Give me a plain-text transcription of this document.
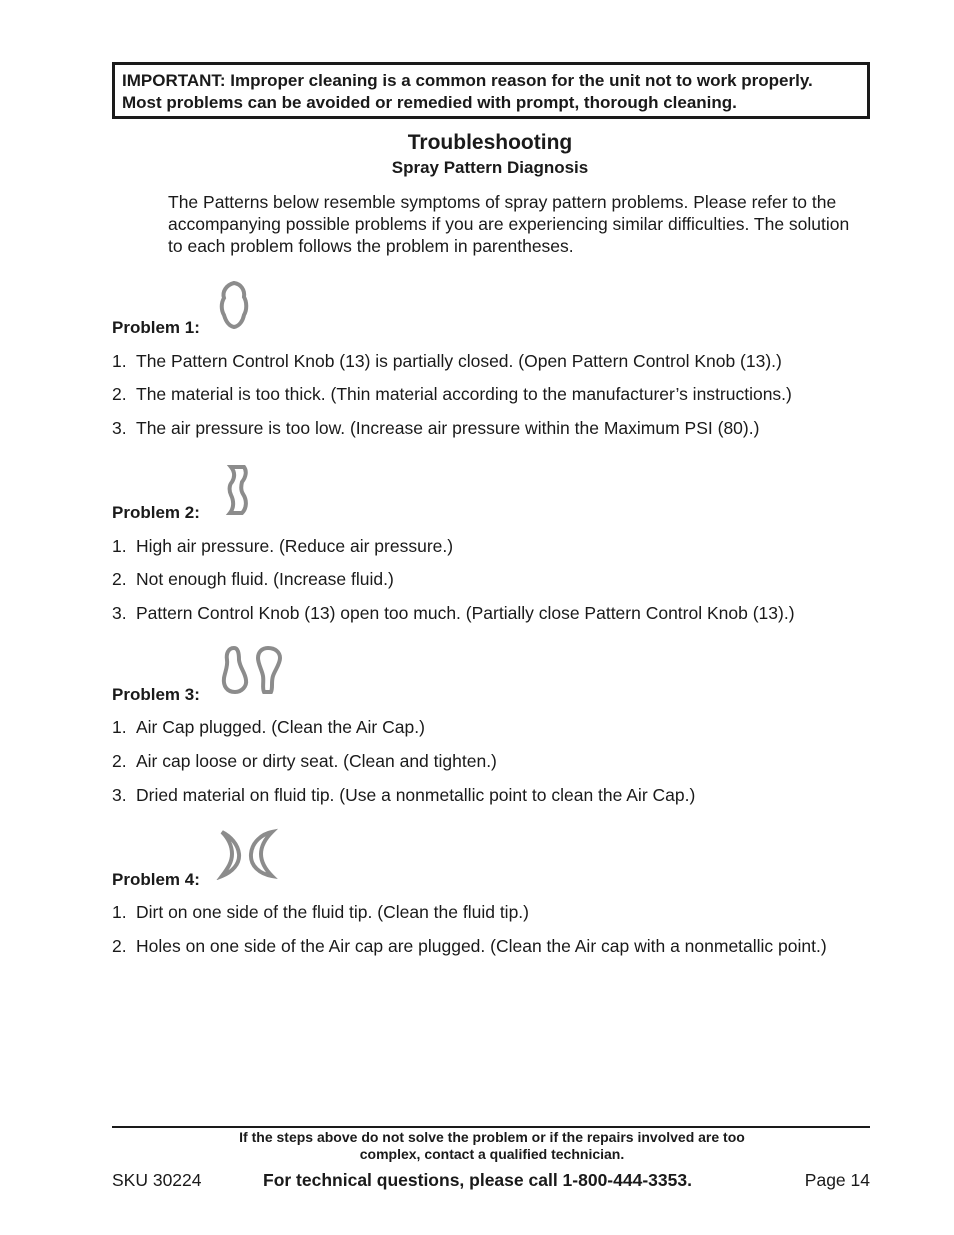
IMPORTANT: Improper cleaning is a common reason for the unit not to work properly.

Most problems can be avoided or remedied with prompt, thorough cleaning.

Troubleshooting
Spray Pattern Diagnosis

The Patterns below resemble symptoms of spray pattern problems. Please refer to the

accompanying possible problems if you are experiencing similar difficulties. The solution

to each problem follows the problem in parentheses.

Problem 1:

1. The Pattern Control Knob (13) is partially closed. (Open Pattern Control Knob (13).)

2. The material is too thick. (Thin material according to the manufacturer’s instructions.)

3. The air pressure is too low. (Increase air pressure within the Maximum PSI (80).)

Problem 2:

1. High air pressure. (Reduce air pressure.)

2. Not enough fluid. (Increase fluid.)

3. Pattern Control Knob (13) open too much. (Partially close Pattern Control Knob (13).)

Problem 3:

1. Air Cap plugged. (Clean the Air Cap.)

2. Air cap loose or dirty seat. (Clean and tighten.)

3. Dried material on fluid tip. (Use a nonmetallic point to clean the Air Cap.)

Problem 4:

1. Dirt on one side of the fluid tip. (Clean the fluid tip.)

2. Holes on one side of the Air cap are plugged. (Clean the Air cap with a nonmetallic point.)

If the steps above do not solve the problem or if the repairs involved are too

complex, contact a qualified technician.

SKU 30224	For technical questions, please call 1-800-444-3353.	Page 14
